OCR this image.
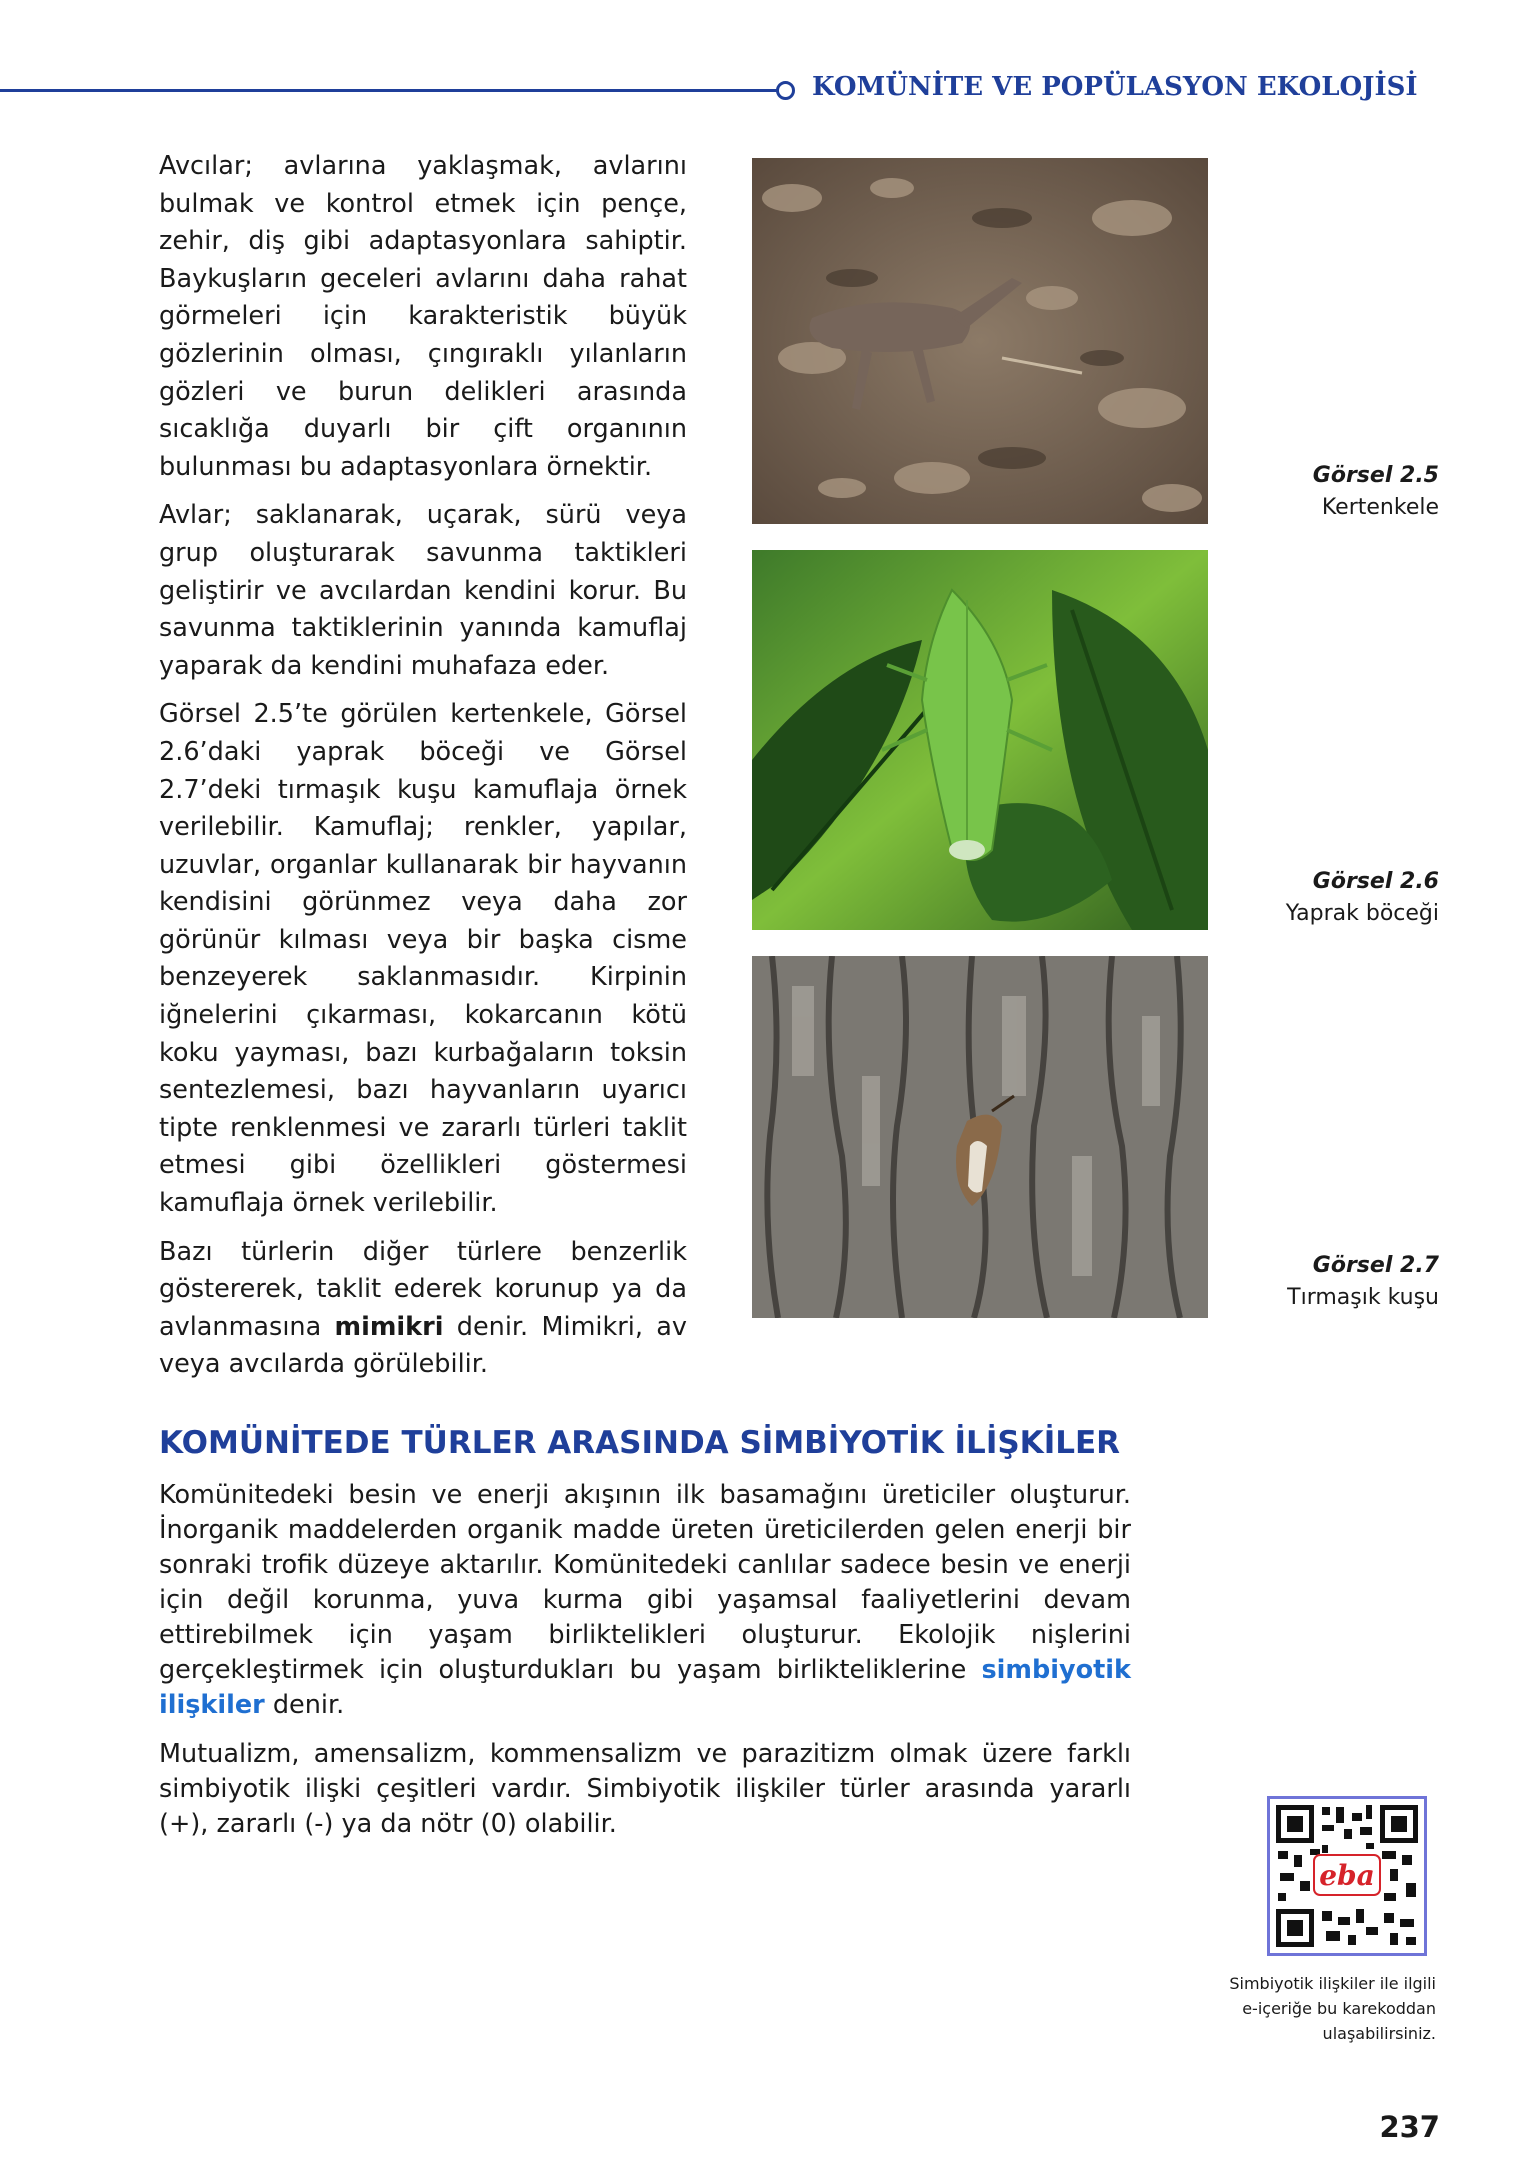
KOMÜNİTE VE POPÜLASYON EKOLOJİSİ

Avcılar; avlarına yaklaşmak, avlarını bulmak ve kontrol etmek için pençe, zehir, diş gibi adaptasyonlara sahiptir. Baykuşların geceleri avlarını daha rahat görmeleri için karakteristik büyük gözlerinin olması, çıngıraklı yılanların gözleri ve burun delikleri arasında sıcaklığa duyarlı bir çift organının bulunması bu adaptasyonlara örnektir.

Avlar; saklanarak, uçarak, sürü veya grup oluşturarak savunma taktikleri geliştirir ve avcılardan kendini korur. Bu savunma taktiklerinin yanında kamuflaj yaparak da kendini muhafaza eder.

Görsel 2.5’te görülen kertenkele, Görsel 2.6’daki yaprak böceği ve Görsel 2.7’deki tırmaşık kuşu kamuflaja örnek verilebilir. Kamuflaj; renkler, yapılar, uzuvlar, organlar kullanarak bir hayvanın kendisini görünmez veya daha zor görünür kılması veya bir başka cisme benzeyerek saklanmasıdır. Kirpinin iğnelerini çıkarması, kokarcanın kötü koku yayması, bazı kurbağaların toksin sentezlemesi, bazı hayvanların uyarıcı tipte renklenmesi ve zararlı türleri taklit etmesi gibi özellikleri göstermesi kamuflaja örnek verilebilir.

Bazı türlerin diğer türlere benzerlik göstererek, taklit ederek korunup ya da avlanmasına mimikri denir. Mimikri, av veya avcılarda görülebilir.

Görsel 2.5
Kertenkele
Görsel 2.6
Yaprak böceği
Görsel 2.7
Tırmaşık kuşu
KOMÜNİTEDE TÜRLER ARASINDA SİMBİYOTİK İLİŞKİLER

Komünitedeki besin ve enerji akışının ilk basamağını üreticiler oluşturur. İnorganik maddelerden organik madde üreten üreticilerden gelen enerji bir sonraki trofik düzeye aktarılır. Komünitedeki canlılar sadece besin ve enerji için değil korunma, yuva kurma gibi yaşamsal faaliyetlerini devam ettirebilmek için yaşam birliktelikleri oluşturur. Ekolojik nişlerini gerçekleştirmek için oluşturdukları bu yaşam birlikteliklerine simbiyotik ilişkiler denir.

Mutualizm, amensalizm, kommensalizm ve parazitizm olmak üzere farklı simbiyotik ilişki çeşitleri vardır. Simbiyotik ilişkiler türler arasında yararlı (+), zararlı (-) ya da nötr (0) olabilir.

eba
Simbiyotik ilişkiler ile ilgili
e-içeriğe bu karekoddan
ulaşabilirsiniz.
237
